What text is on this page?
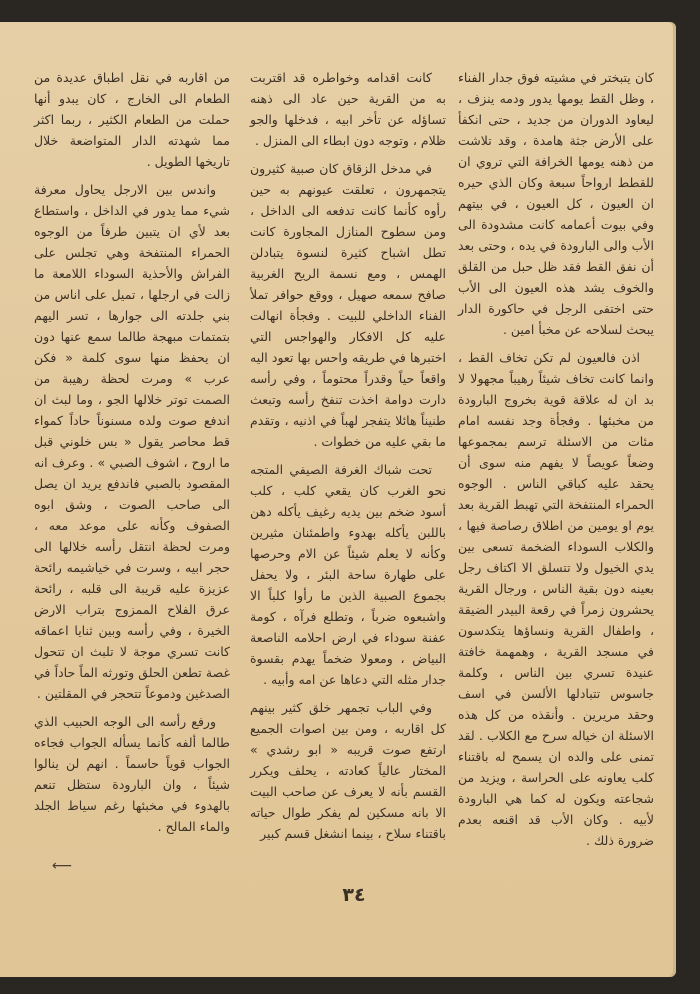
كان يتبختر في مشيته فوق جدار الفناء ، وظل القط يومها يدور ودمه ينزف ، ليعاود الدوران من جديد ، حتى انكفأ على الأرض جثة هامدة ، وقد تلاشت من ذهنه يومها الخرافة التي تروي ان للقطط ارواحاً سبعة وكان الذي حيره ان العيون ، كل العيون ، في بيتهم وفي بيوت أعمامه كانت مشدودة الى الأب والى البارودة في يده ، وحتى بعد أن نفق القط فقد ظل حبل من القلق والخوف يشد هذه العيون الى الأب حتى اختفى الرجل في حاكورة الدار يبحث لسلاحه عن مخبأ امين .

اذن فالعيون لم تكن تخاف القط ، وانما كانت تخاف شيئاً رهيباً مجهولا لا بد ان له علاقة قوية بخروج البارودة من مخبئها . وفجأة وجد نفسه امام مئات من الاسئلة ترسم بمجموعها وضعاً عويصاً لا يفهم منه سوى أن يحقد عليه كباقي الناس . الوجوه الحمراء المنتفخة التي تهبط القرية بعد يوم او يومين من اطلاق رصاصة فيها ، والكلاب السوداء الضخمة تسعى بين يدي الخيول ولا تتسلق الا اكتاف رجل بعينه دون بقية الناس ، ورجال القرية يحشرون زمراً في رقعة البيدر الضيقة ، واطفال القرية ونساؤها يتكدسون في مسجد القرية ، وهمهمة خافتة عنيدة تسري بين الناس ، وكلمة جاسوس تتبادلها الألسن في اسف وحقد مريرين . وأنقذه من كل هذه الاسئلة ان خياله سرح مع الكلاب . لقد تمنى على والده ان يسمح له باقتناء كلب يعاونه على الحراسة ، ويزيد من شجاعته ويكون له كما هي البارودة لأبيه . وكان الأب قد اقنعه بعدم ضرورة ذلك .

كانت اقدامه وخواطره قد اقتربت به من القرية حين عاد الى ذهنه تساؤله عن تأخر ابيه ، فدخلها والجو ظلام ، وتوجه دون ابطاء الى المنزل .

في مدخل الزقاق كان صبية كثيرون يتجمهرون ، تعلقت عيونهم به حين رأوه كأنما كانت تدفعه الى الداخل ، ومن سطوح المنازل المجاورة كانت تطل اشباح كثيرة لنسوة يتبادلن الهمس ، ومع نسمة الريح الغربية صافح سمعه صهيل ، ووقع حوافر تملأ الفناء الداخلي للبيت . وفجأة انهالت عليه كل الافكار والهواجس التي اختبرها في طريقه واحس بها تعود اليه واقعاً حياً وقدراً محتوماً ، وفي رأسه دارت دوامة اخذت تنفخ رأسه وتبعث طنيناً هائلا يتفجر لهباً في اذنيه ، وتقدم ما بقي عليه من خطوات .

تحت شباك الغرفة الصيفي المتجه نحو الغرب كان يقعي كلب ، كلب أسود ضخم بين يديه رغيف يأكله دهن باللبن يأكله بهدوء واطمئنان مثيرين وكأنه لا يعلم شيئاً عن الام وحرصها على طهارة ساحة البئر ، ولا يحفل بجموع الصبية الذين ما رأوا كلباً الا واشبعوه ضرباً ، وتطلع فرآه ، كومة عفنة سوداء في ارض احلامه الناصعة البياض ، ومعولا ضخماً يهدم بقسوة جدار مثله التي دعاها عن امه وأبيه .

وفي الباب تجمهر خلق كثير بينهم كل اقاربه ، ومن بين اصوات الجميع ارتفع صوت قريبه « ابو رشدي » المختار عالياً كعادته ، يحلف ويكرر القسم بأنه لا يعرف عن صاحب البيت الا بانه مسكين لم يفكر طوال حياته باقتناء سلاح ، بينما انشغل قسم كبير

من اقاربه في نقل اطباق عديدة من الطعام الى الخارج ، كان يبدو أنها حملت من الطعام الكثير ، ربما اكثر مما شهدته الدار المتواضعة خلال تاريخها الطويل .

واندس بين الارجل يحاول معرفة شيء مما يدور في الداخل ، واستطاع بعد لأي ان يتبين طرفاً من الوجوه الحمراء المنتفخة وهي تجلس على الفراش والأحذية السوداء اللامعة ما زالت في ارجلها ، تميل على اناس من بني جلدته الى جوارها ، تسر اليهم بتمتمات مبهجة طالما سمع عنها دون ان يحفظ منها سوى كلمة « فكن عرب » ومرت لحظة رهيبة من الصمت توتر خلالها الجو ، وما لبث ان اندفع صوت ولده مسنوناً حاداً كمواء قط محاصر يقول « بس خلوني قبل ما اروح ، اشوف الصبي » . وعرف انه المقصود بالصبي فاندفع يريد ان يصل الى صاحب الصوت ، وشق ابوه الصفوف وكأنه على موعد معه ، ومرت لحظة انتقل رأسه خلالها الى حجر ابيه ، وسرت في خياشيمه رائحة عزيزة عليه قريبة الى قلبه ، رائحة عرق الفلاح الممزوج بتراب الارض الخيرة ، وفي رأسه وبين ثنايا اعماقه كانت تسري موجة لا تلبث ان تتحول غصة تطعن الحلق وتورثه الماً حاداً في الصدغين ودموعاً تتحجر في المقلتين .

ورفع رأسه الى الوجه الحبيب الذي طالما ألفه كأنما يسأله الجواب فجاءه الجواب قوياً حاسماً . انهم لن ينالوا شيئاً ، وان البارودة ستظل تنعم بالهدوء في مخبئها رغم سياط الجلد والماء المالح .

⟵
٣٤
